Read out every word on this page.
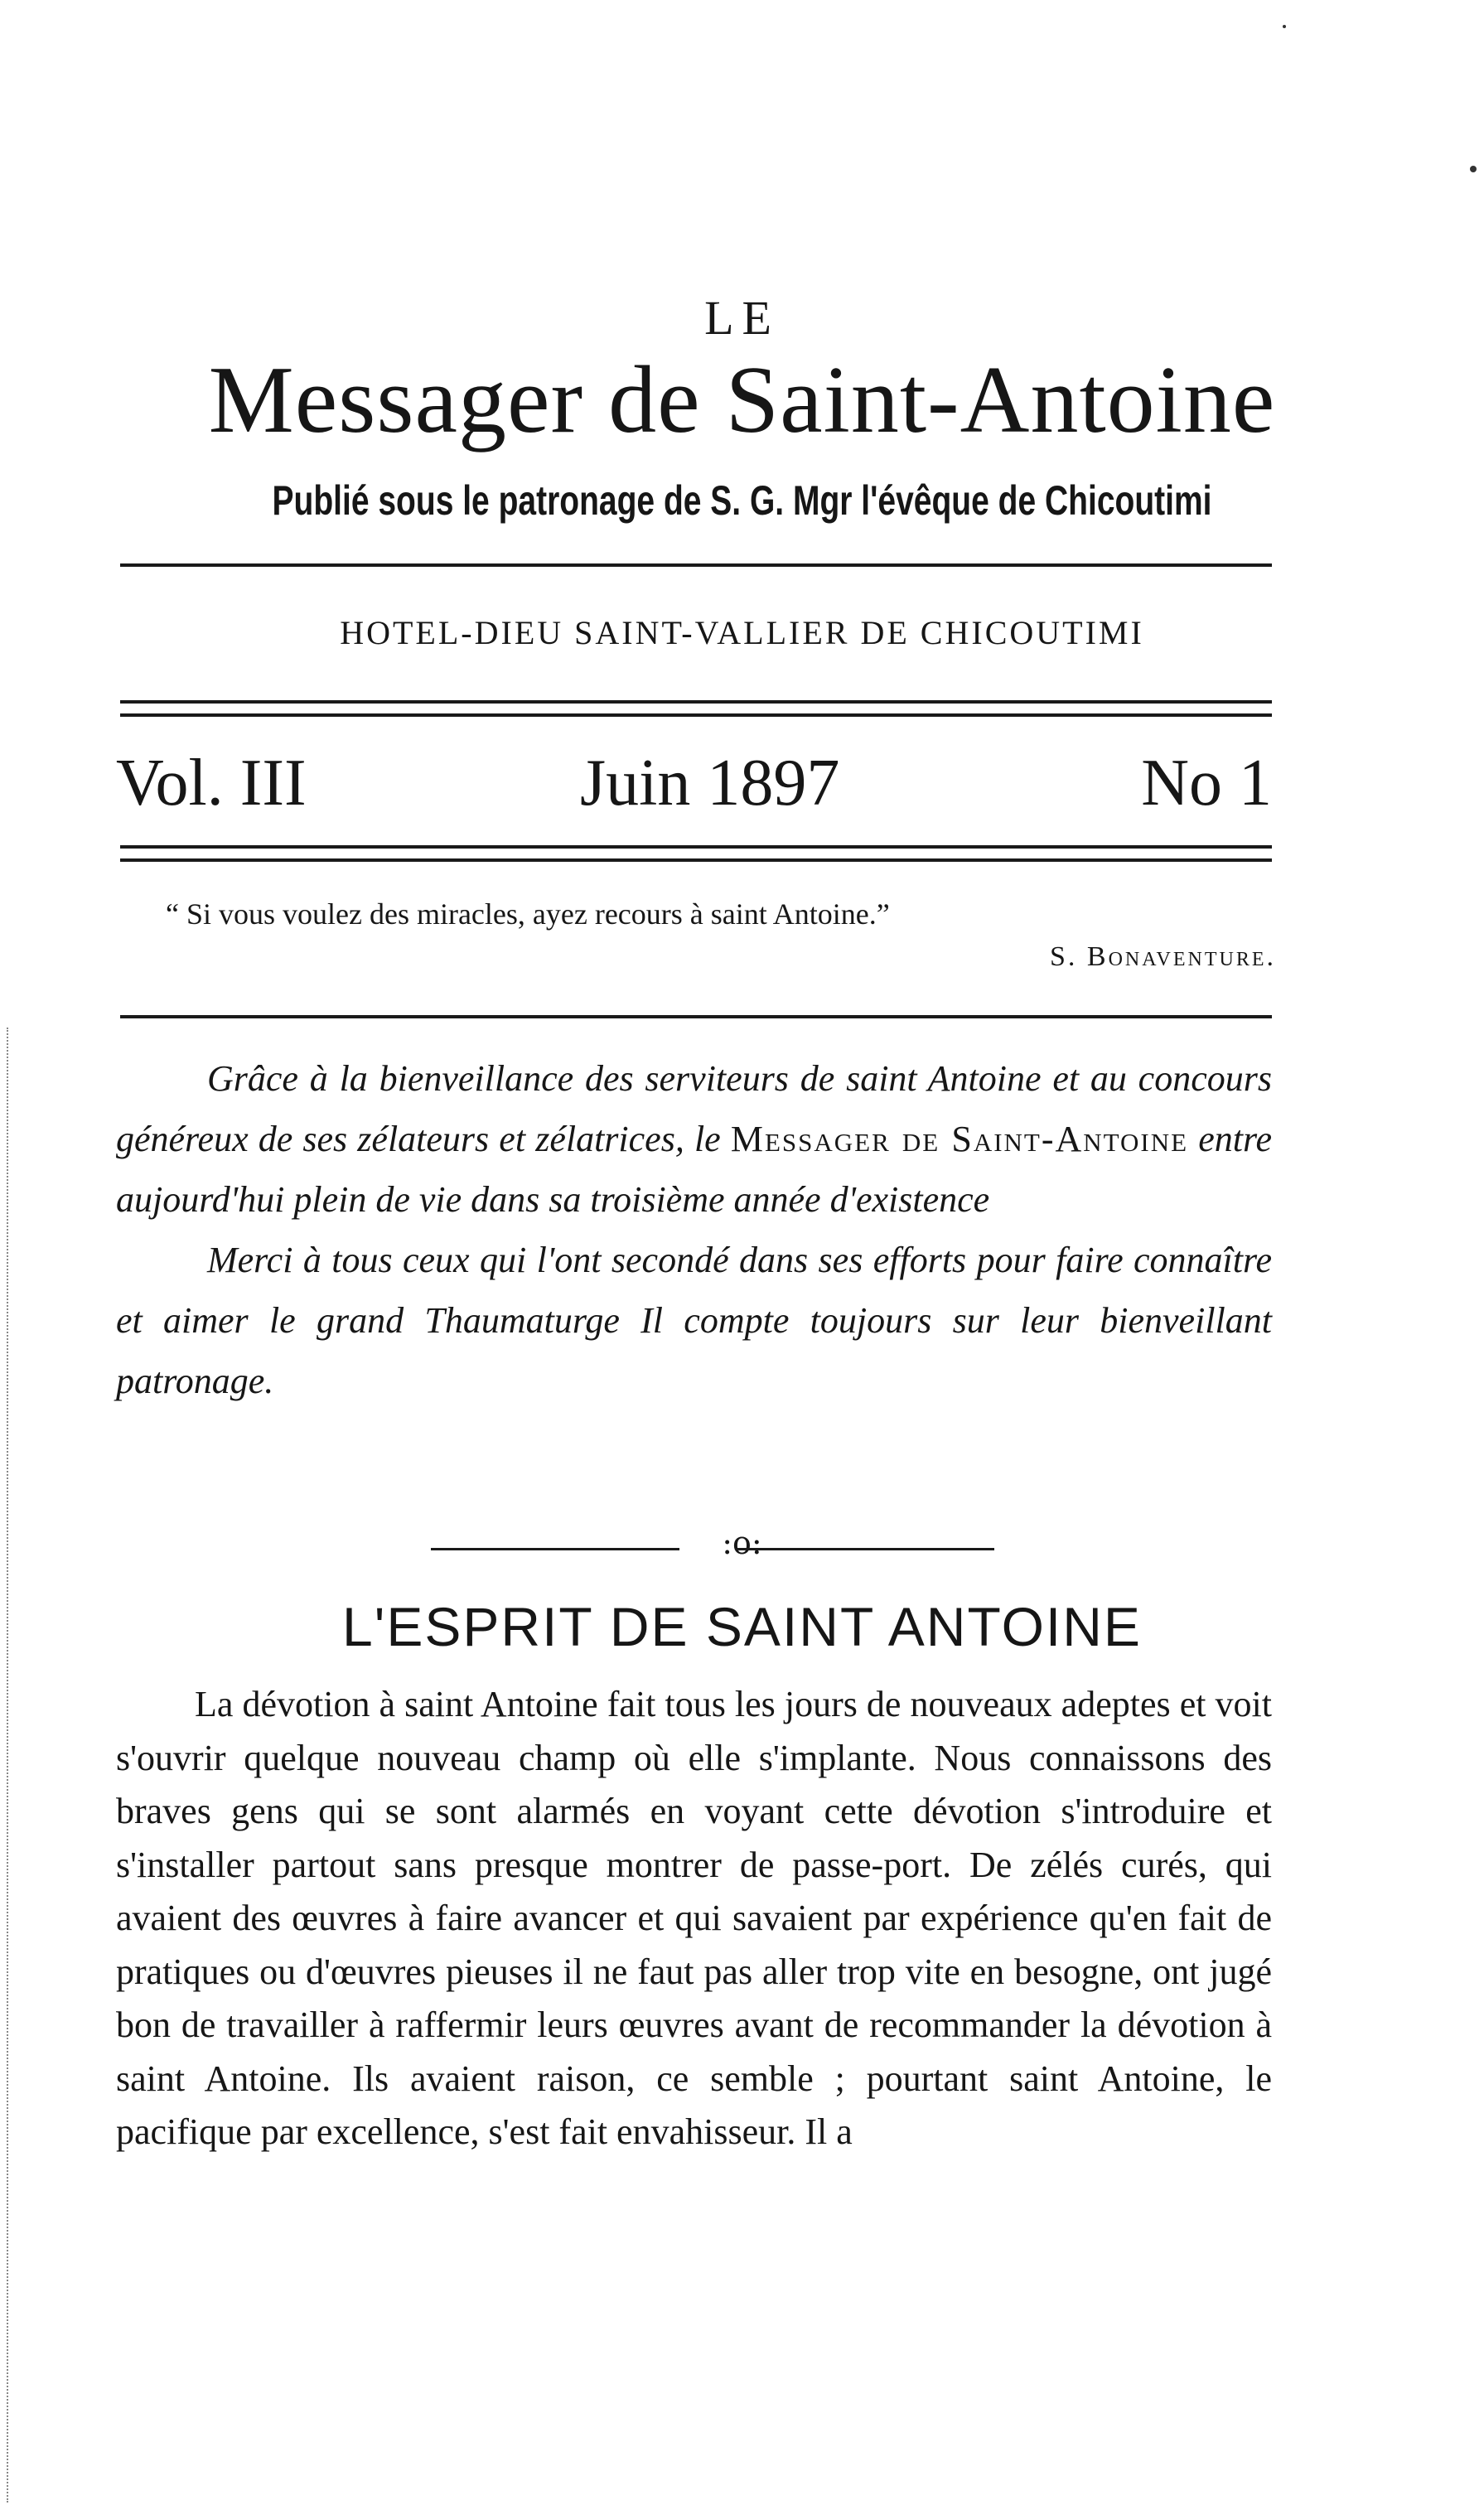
LE
Messager de Saint-Antoine
Publié sous le patronage de S. G. Mgr l'évêque de Chicoutimi
HOTEL-DIEU SAINT-VALLIER DE CHICOUTIMI
Vol. III	Juin 1897	No 1
“ Si vous voulez des miracles, ayez recours à saint Antoine.”
S. Bonaventure.

Grâce à la bienveillance des serviteurs de saint Antoine et au concours généreux de ses zélateurs et zélatrices, le Messager de Saint-Antoine entre aujourd'hui plein de vie dans sa troisième année d'existence

Merci à tous ceux qui l'ont secondé dans ses efforts pour faire connaître et aimer le grand Thaumaturge Il compte toujours sur leur bienveillant patronage.

:o:
L'ESPRIT DE SAINT ANTOINE

La dévotion à saint Antoine fait tous les jours de nouveaux adeptes et voit s'ouvrir quelque nouveau champ où elle s'implante. Nous connaissons des braves gens qui se sont alarmés en voyant cette dévotion s'introduire et s'installer partout sans presque montrer de passe-port. De zélés curés, qui avaient des œuvres à faire avancer et qui savaient par expérience qu'en fait de pratiques ou d'œuvres pieuses il ne faut pas aller trop vite en besogne, ont jugé bon de travailler à raffermir leurs œuvres avant de recommander la dévotion à saint Antoine. Ils avaient raison, ce semble ; pourtant saint Antoine, le pacifique par excellence, s'est fait envahisseur. Il a
